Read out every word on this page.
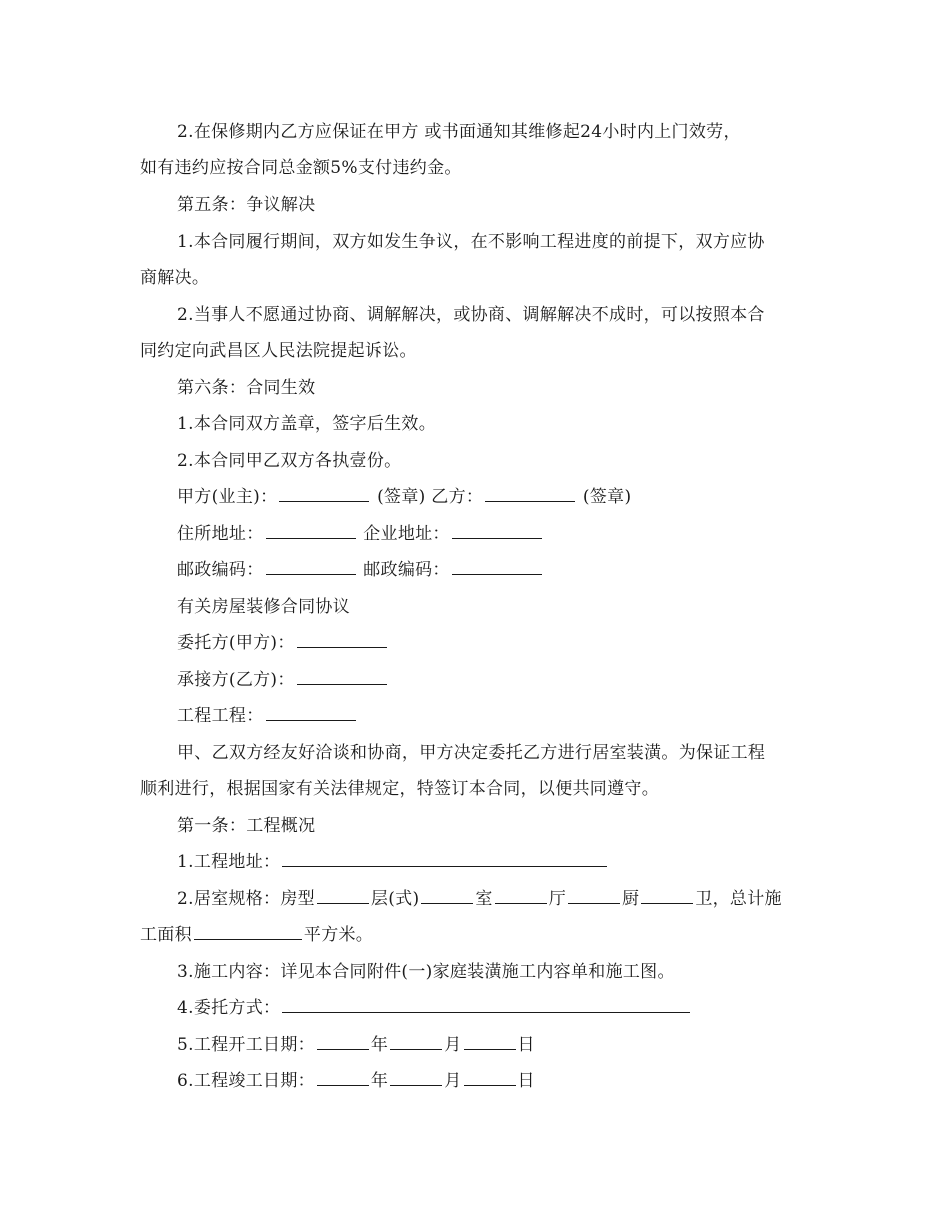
2.在保修期内乙方应保证在甲方 或书面通知其维修起24小时内上门效劳，
如有违约应按合同总金额5%支付违约金。
第五条：争议解决
1.本合同履行期间，双方如发生争议，在不影响工程进度的前提下，双方应协
商解决。
2.当事人不愿通过协商、调解解决，或协商、调解解决不成时，可以按照本合
同约定向武昌区人民法院提起诉讼。
第六条：合同生效
1.本合同双方盖章，签字后生效。
2.本合同甲乙双方各执壹份。
甲方(业主)：	(签章) 乙方：	(签章)
住所地址：	企业地址：
邮政编码：	邮政编码：
有关房屋装修合同协议
委托方(甲方)：
承接方(乙方)：
工程工程：
甲、乙双方经友好洽谈和协商，甲方决定委托乙方进行居室装潢。为保证工程
顺利进行，根据国家有关法律规定，特签订本合同，以便共同遵守。
第一条：工程概况
1.工程地址：
2.居室规格：房型	层(式)	室	厅	厨	卫，总计施
工面积	平方米。
3.施工内容：详见本合同附件(一)家庭装潢施工内容单和施工图。
4.委托方式：
5.工程开工日期：	年	月	日
6.工程竣工日期：	年	月	日
